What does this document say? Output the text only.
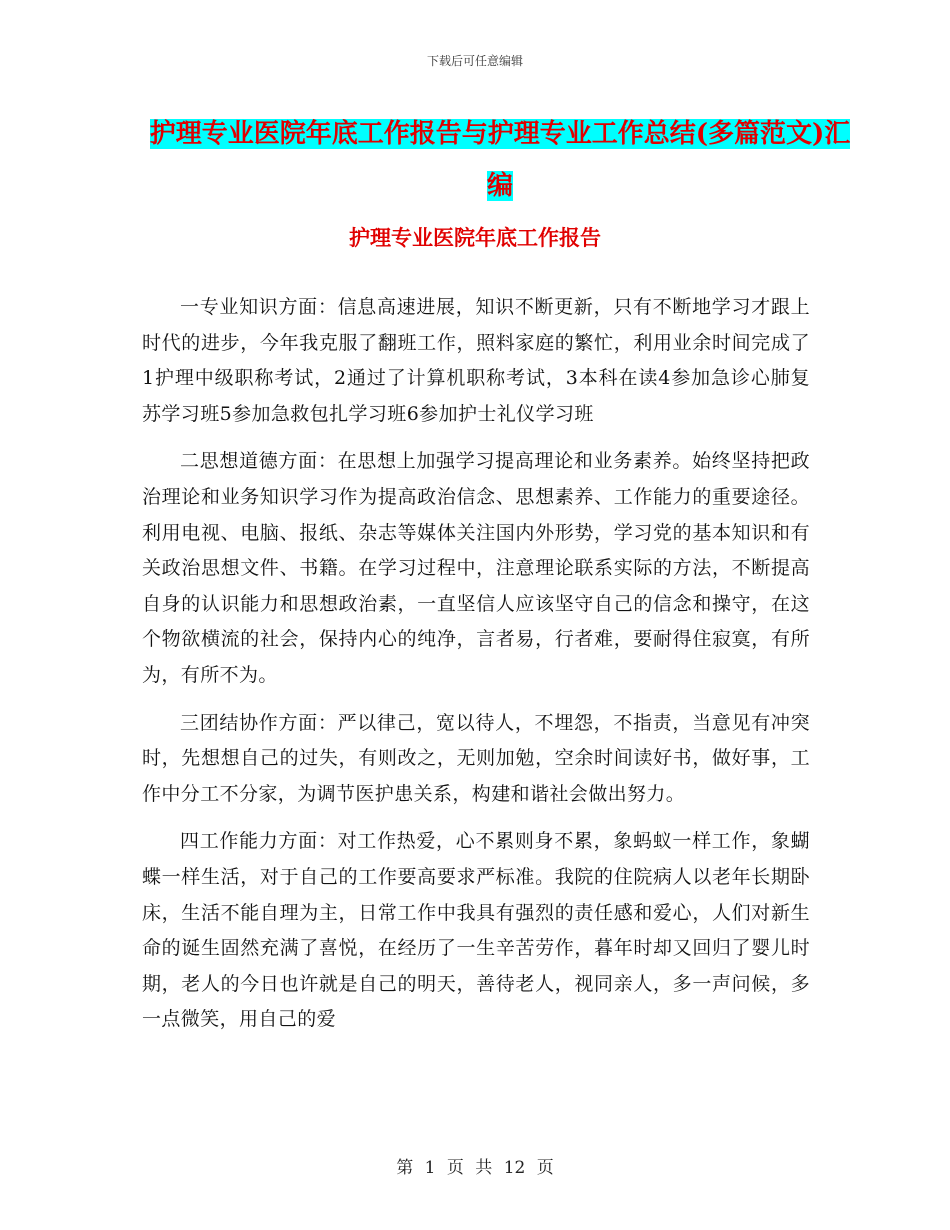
下载后可任意编辑
护理专业医院年底工作报告与护理专业工作总结(多篇范文)汇编
护理专业医院年底工作报告

一专业知识方面：信息高速进展，知识不断更新，只有不断地学习才跟上时代的进步，今年我克服了翻班工作，照料家庭的繁忙，利用业余时间完成了1护理中级职称考试，2通过了计算机职称考试，3本科在读4参加急诊心肺复苏学习班5参加急救包扎学习班6参加护士礼仪学习班

二思想道德方面：在思想上加强学习提高理论和业务素养。始终坚持把政治理论和业务知识学习作为提高政治信念、思想素养、工作能力的重要途径。利用电视、电脑、报纸、杂志等媒体关注国内外形势，学习党的基本知识和有关政治思想文件、书籍。在学习过程中，注意理论联系实际的方法，不断提高自身的认识能力和思想政治素，一直坚信人应该坚守自己的信念和操守，在这个物欲横流的社会，保持内心的纯净，言者易，行者难，要耐得住寂寞，有所为，有所不为。

三团结协作方面：严以律己，宽以待人，不埋怨，不指责，当意见有冲突时，先想想自己的过失，有则改之，无则加勉，空余时间读好书，做好事，工作中分工不分家，为调节医护患关系，构建和谐社会做出努力。

四工作能力方面：对工作热爱，心不累则身不累，象蚂蚁一样工作，象蝴蝶一样生活，对于自己的工作要高要求严标准。我院的住院病人以老年长期卧床，生活不能自理为主，日常工作中我具有强烈的责任感和爱心，人们对新生命的诞生固然充满了喜悦，在经历了一生辛苦劳作，暮年时却又回归了婴儿时期，老人的今日也许就是自己的明天，善待老人，视同亲人，多一声问候，多一点微笑，用自己的爱

第 1 页 共 12 页
